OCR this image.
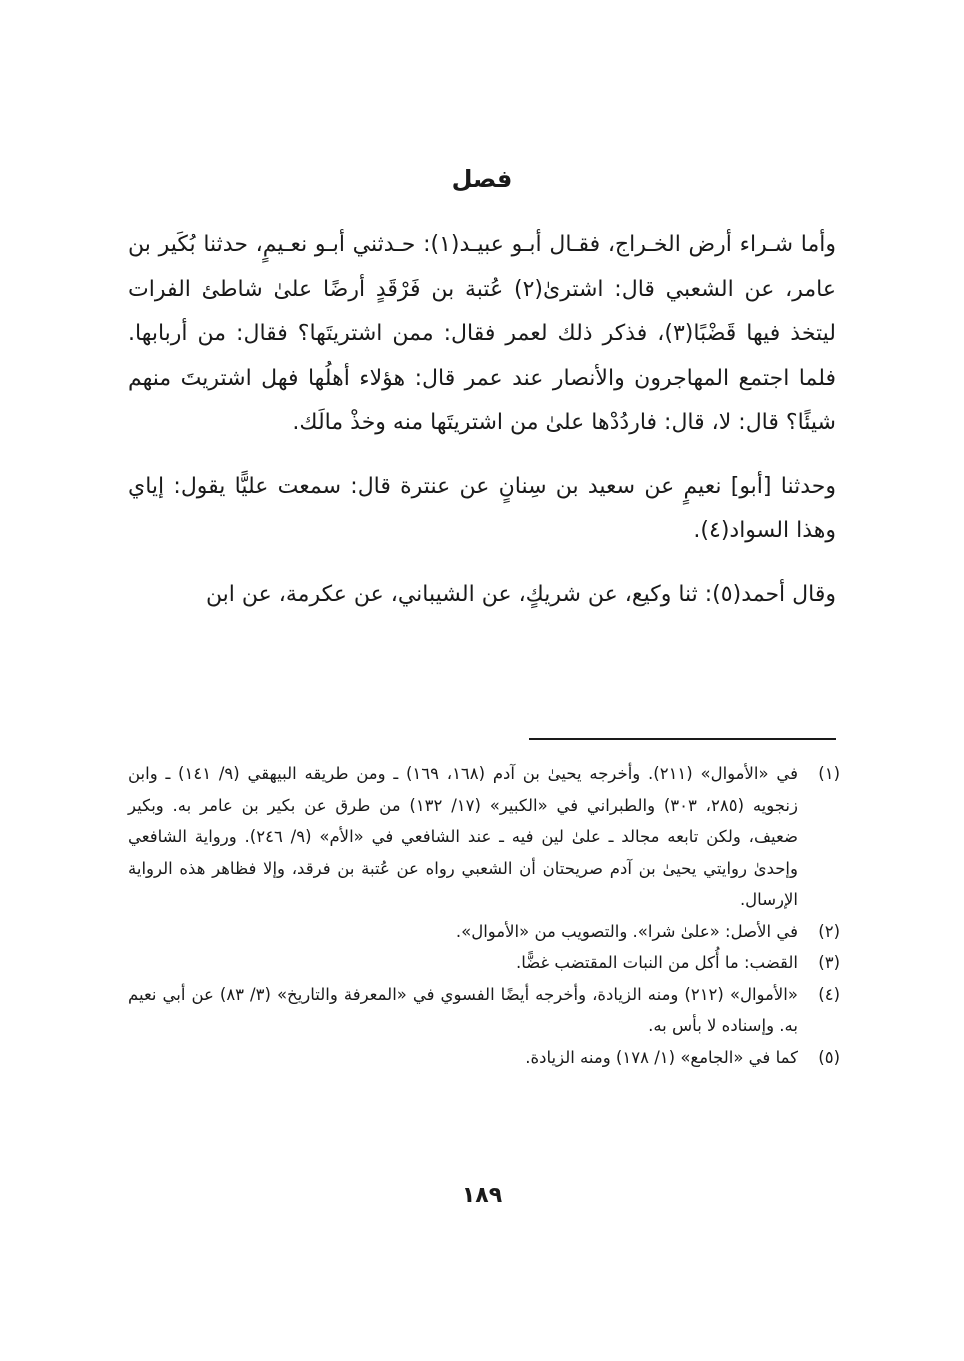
فصل

وأما شـراء أرض الخـراج، فقـال أبـو عبيـد(١): حـدثني أبـو نعـيمٍ، حدثنا بُكَير بن عامر، عن الشعبي قال: اشترىٰ(٢) عُتبة بن فَرْقَدٍ أرضًا علىٰ شاطئ الفرات ليتخذ فيها قَضْبًا(٣)، فذكر ذلك لعمر فقال: ممن اشتريتَها؟ فقال: من أربابها. فلما اجتمع المهاجرون والأنصار عند عمر قال: هؤلاء أهلُها فهل اشتريتَ منهم شيئًا؟ قال: لا، قال: فاردُدْها علىٰ من اشتريتَها منه وخذْ مالَك.

وحدثنا [أبو] نعيمٍ عن سعيد بن سِنانٍ عن عنترة قال: سمعت عليًّا يقول: إياي وهذا السواد(٤).

وقال أحمد(٥): ثنا وكيع، عن شريكٍ، عن الشيباني، عن عكرمة، عن ابن

(١)
في «الأموال» (٢١١). وأخرجه يحيىٰ بن آدم (١٦٨، ١٦٩) ـ ومن طريقه البيهقي (٩/ ١٤١) ـ وابن زنجويه (٢٨٥، ٣٠٣) والطبراني في «الكبير» (١٧/ ١٣٢) من طرق عن بكير بن عامر به. وبكير ضعيف، ولكن تابعه مجالد ـ علىٰ لين فيه ـ عند الشافعي في «الأم» (٩/ ٢٤٦). ورواية الشافعي وإحدىٰ روايتي يحيىٰ بن آدم صريحتان أن الشعبي رواه عن عُتبة بن فرقد، وإلا فظاهر هذه الرواية الإرسال.
(٢)
في الأصل: «علىٰ شرا». والتصويب من «الأموال».
(٣)
القضب: ما أُكل من النبات المقتضب غضًّا.
(٤)
«الأموال» (٢١٢) ومنه الزيادة، وأخرجه أيضًا الفسوي في «المعرفة والتاريخ» (٣/ ٨٣) عن أبي نعيم به. وإسناده لا بأس به.
(٥)
كما في «الجامع» (١/ ١٧٨) ومنه الزيادة.
١٨٩
